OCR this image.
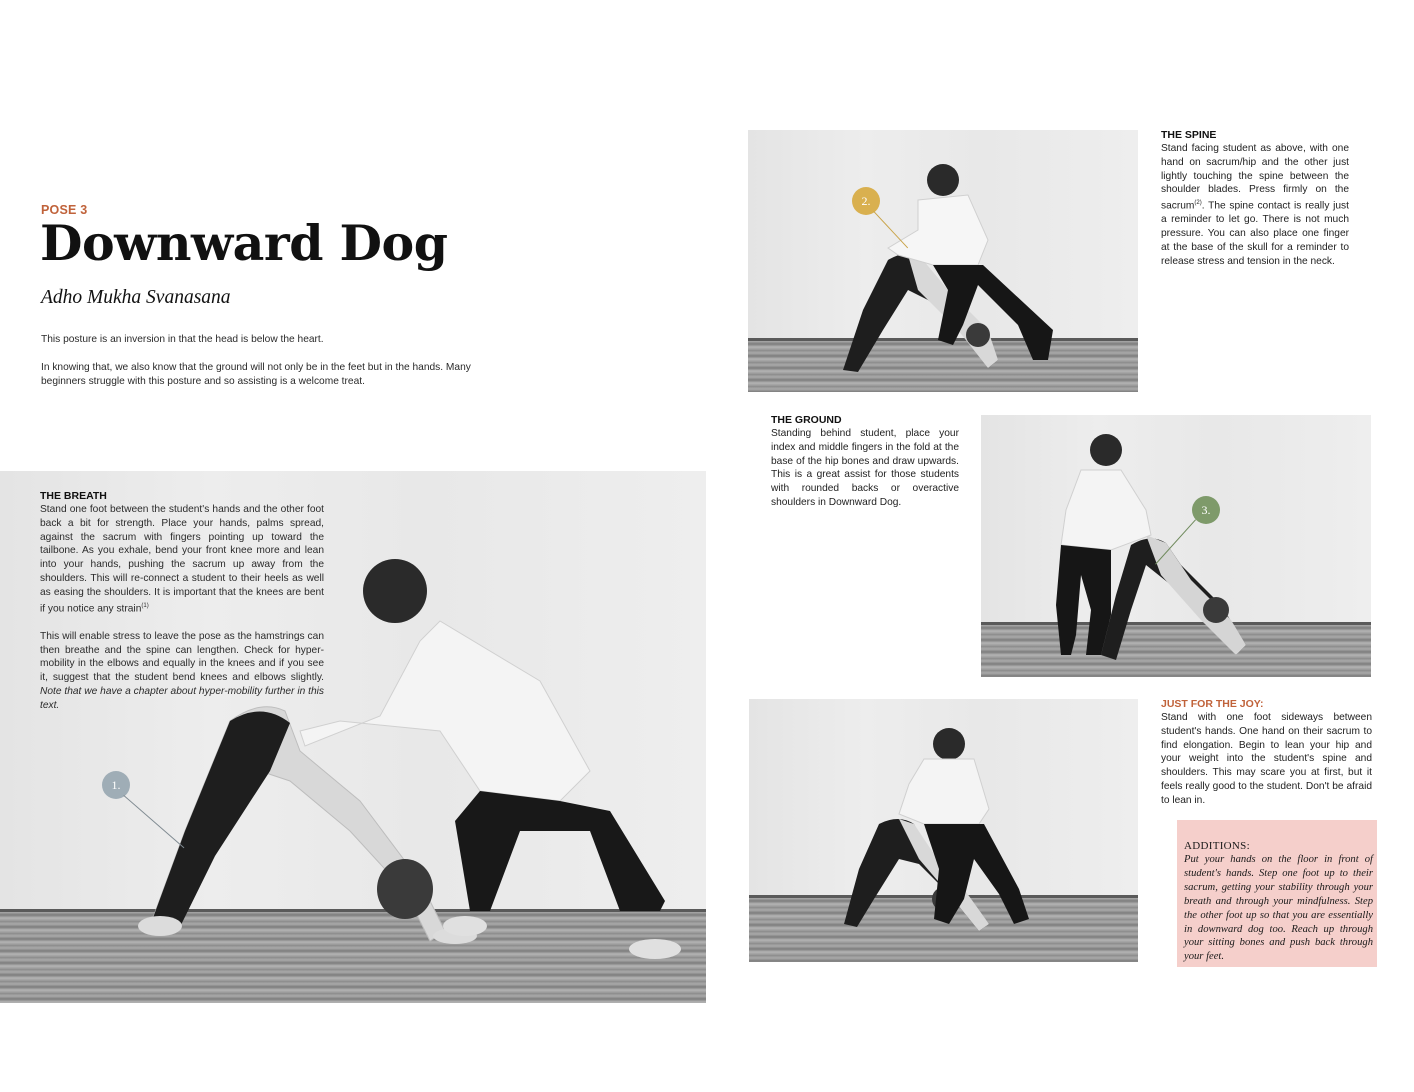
POSE 3
Downward Dog
Adho Mukha Svanasana

This posture is an inversion in that the head is below the heart.

In knowing that, we also know that the ground will not only be in the feet but in the hands. Many beginners struggle with this posture and so assisting is a welcome treat.

1.
THE BREATH

Stand one foot between the student's hands and the other foot back a bit for strength. Place your hands, palms spread, against the sacrum with fingers pointing up toward the tailbone. As you exhale, bend your front knee more and lean into your hands, pushing the sacrum up away from the shoulders. This will re-connect a student to their heels as well as easing the shoulders. It is important that the knees are bent if you notice any strain$^{(1)}$

This will enable stress to leave the pose as the hamstrings can then breathe and the spine can lengthen. Check for hyper-mobility in the elbows and equally in the knees and if you see it, suggest that the student bend knees and elbows slightly. Note that we have a chapter about hyper-mobility further in this text.

2.
THE SPINE

Stand facing student as above, with one hand on sacrum/hip and the other just lightly touching the spine between the shoulder blades. Press firmly on the sacrum$^{(2)}$. The spine contact is really just a reminder to let go. There is not much pressure. You can also place one finger at the base of the skull for a reminder to release stress and tension in the neck.

THE GROUND

Standing behind student, place your index and middle fingers in the fold at the base of the hip bones and draw upwards. This is a great assist for those students with rounded backs or overactive shoulders in Downward Dog.

3.
JUST FOR THE JOY:

Stand with one foot sideways between student's hands. One hand on their sacrum to find elongation. Begin to lean your hip and your weight into the student's spine and shoulders. This may scare you at first, but it feels really good to the student. Don't be afraid to lean in.

ADDITIONS:

Put your hands on the floor in front of student's hands. Step one foot up to their sacrum, getting your stability through your breath and through your mindfulness. Step the other foot up so that you are essentially in downward dog too. Reach up through your sitting bones and push back through your feet.
